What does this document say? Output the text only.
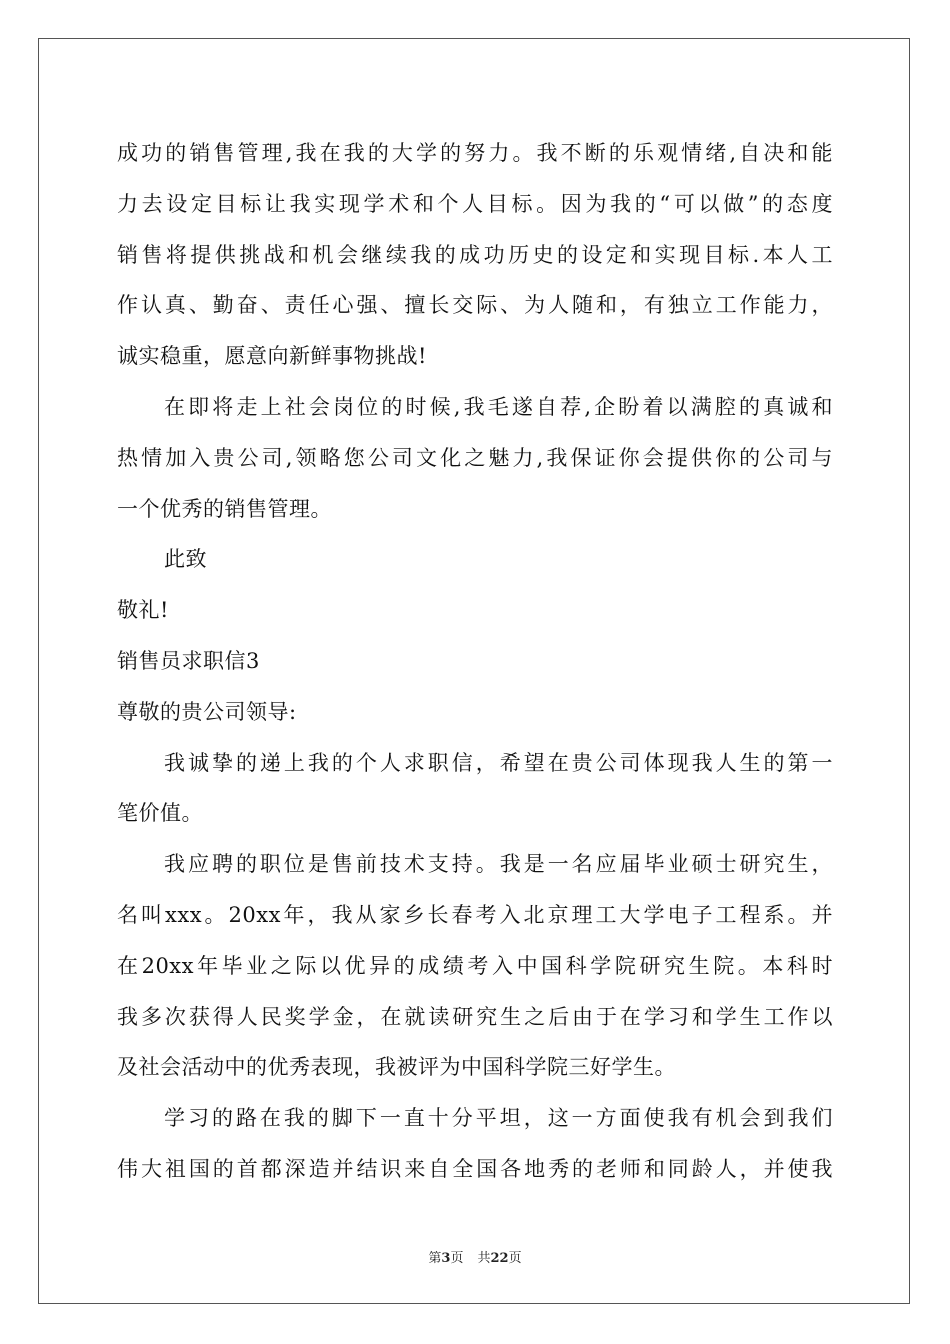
成功的销售管理,我在我的大学的努力。我不断的乐观情绪,自决和能
力去设定目标让我实现学术和个人目标。因为我的“可以做”的态度
销售将提供挑战和机会继续我的成功历史的设定和实现目标.本人工
作认真、勤奋、责任心强、擅长交际、为人随和，有独立工作能力，
诚实稳重，愿意向新鲜事物挑战!
在即将走上社会岗位的时候,我毛遂自荐,企盼着以满腔的真诚和
热情加入贵公司,领略您公司文化之魅力,我保证你会提供你的公司与
一个优秀的销售管理。
此致
敬礼!
销售员求职信3
尊敬的贵公司领导:
我诚挚的递上我的个人求职信，希望在贵公司体现我人生的第一
笔价值。
我应聘的职位是售前技术支持。我是一名应届毕业硕士研究生，
名叫xxx。20xx年，我从家乡长春考入北京理工大学电子工程系。并
在20xx年毕业之际以优异的成绩考入中国科学院研究生院。本科时
我多次获得人民奖学金，在就读研究生之后由于在学习和学生工作以
及社会活动中的优秀表现，我被评为中国科学院三好学生。
学习的路在我的脚下一直十分平坦，这一方面使我有机会到我们
伟大祖国的首都深造并结识来自全国各地秀的老师和同龄人，并使我
第3页 共22页
